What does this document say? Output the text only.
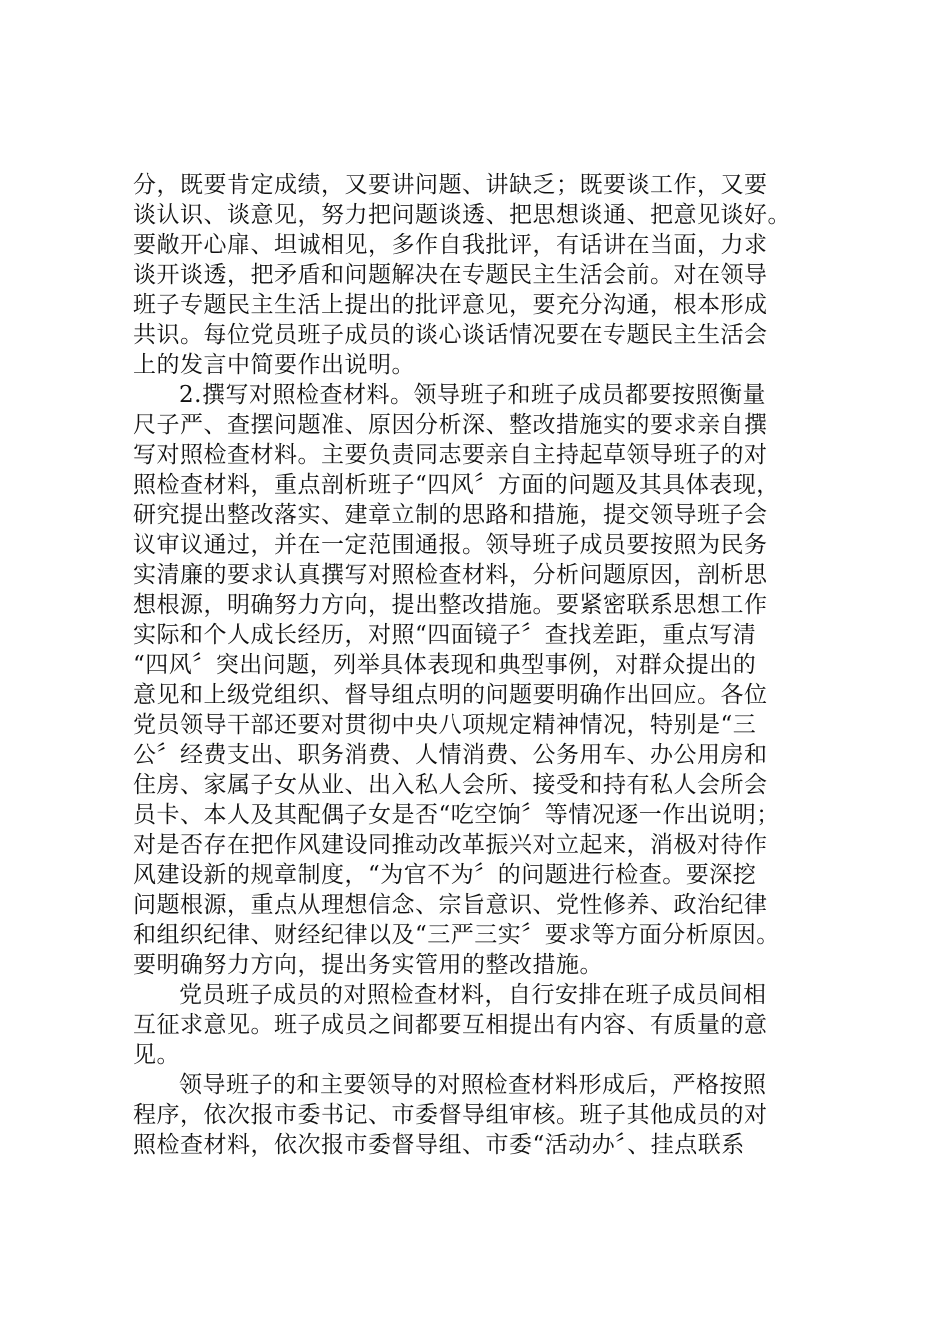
分，既要肯定成绩，又要讲问题、讲缺乏；既要谈工作，又要
谈认识、谈意见，努力把问题谈透、把思想谈通、把意见谈好。
要敞开心扉、坦诚相见，多作自我批评，有话讲在当面，力求
谈开谈透，把矛盾和问题解决在专题民主生活会前。对在领导
班子专题民主生活上提出的批评意见，要充分沟通，根本形成
共识。每位党员班子成员的谈心谈话情况要在专题民主生活会
上的发言中简要作出说明。
2.撰写对照检查材料。领导班子和班子成员都要按照衡量
尺子严、查摆问题准、原因分析深、整改措施实的要求亲自撰
写对照检查材料。主要负责同志要亲自主持起草领导班子的对
照检查材料，重点剖析班子“四风〞方面的问题及其具体表现，
研究提出整改落实、建章立制的思路和措施，提交领导班子会
议审议通过，并在一定范围通报。领导班子成员要按照为民务
实清廉的要求认真撰写对照检查材料，分析问题原因，剖析思
想根源，明确努力方向，提出整改措施。要紧密联系思想工作
实际和个人成长经历，对照“四面镜子〞查找差距，重点写清
“四风〞突出问题，列举具体表现和典型事例，对群众提出的
意见和上级党组织、督导组点明的问题要明确作出回应。各位
党员领导干部还要对贯彻中央八项规定精神情况，特别是“三
公〞经费支出、职务消费、人情消费、公务用车、办公用房和
住房、家属子女从业、出入私人会所、接受和持有私人会所会
员卡、本人及其配偶子女是否“吃空饷〞等情况逐一作出说明；
对是否存在把作风建设同推动改革振兴对立起来，消极对待作
风建设新的规章制度，“为官不为〞的问题进行检查。要深挖
问题根源，重点从理想信念、宗旨意识、党性修养、政治纪律
和组织纪律、财经纪律以及“三严三实〞要求等方面分析原因。
要明确努力方向，提出务实管用的整改措施。
党员班子成员的对照检查材料，自行安排在班子成员间相
互征求意见。班子成员之间都要互相提出有内容、有质量的意
见。
领导班子的和主要领导的对照检查材料形成后，严格按照
程序，依次报市委书记、市委督导组审核。班子其他成员的对
照检查材料，依次报市委督导组、市委“活动办〞、挂点联系
